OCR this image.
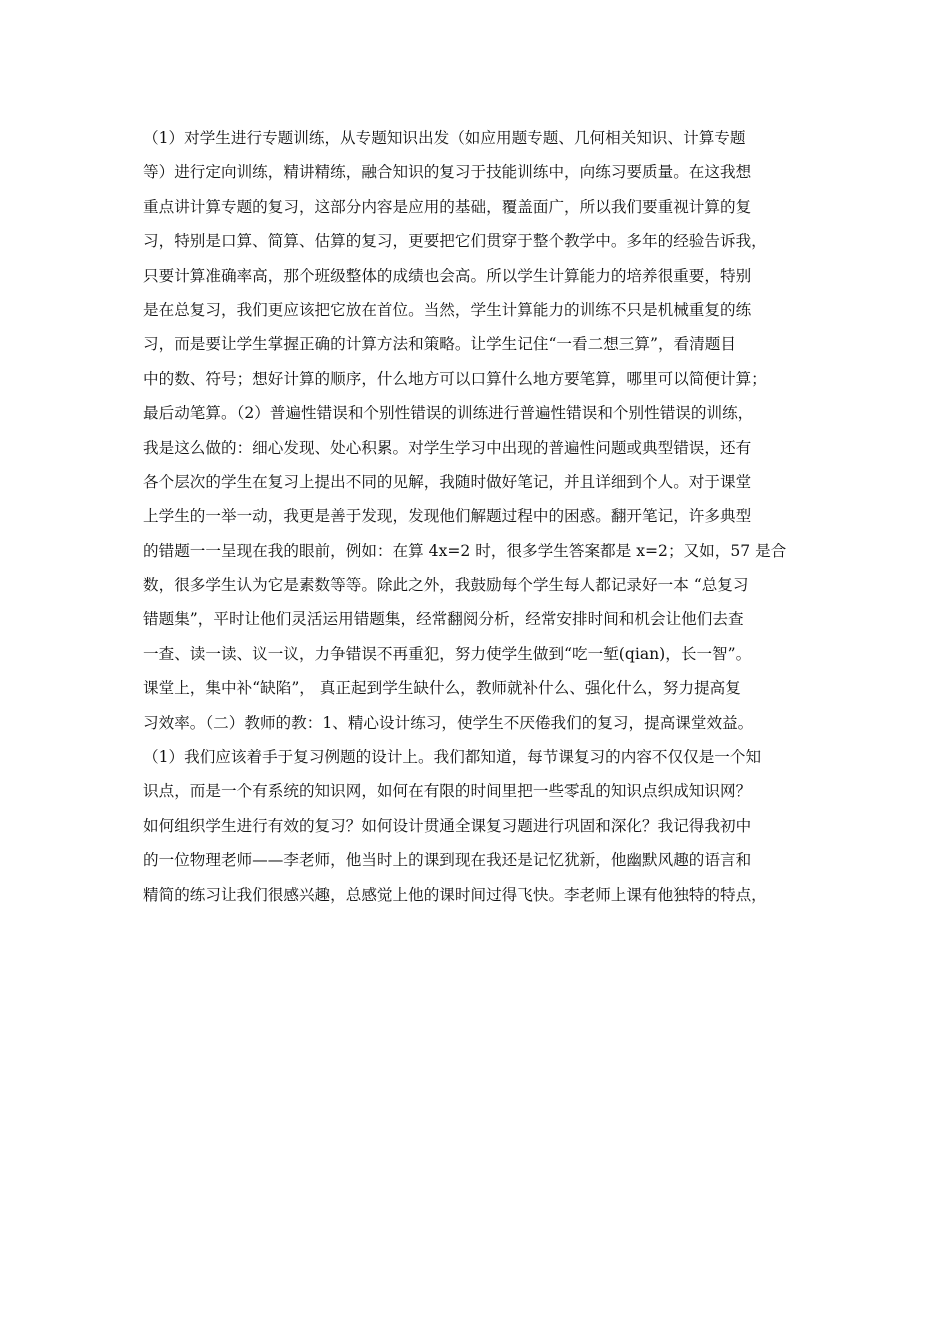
（1）对学生进行专题训练，从专题知识出发（如应用题专题、几何相关知识、计算专题
等）进行定向训练，精讲精练，融合知识的复习于技能训练中，向练习要质量。在这我想
重点讲计算专题的复习，这部分内容是应用的基础，覆盖面广，所以我们要重视计算的复
习，特别是口算、简算、估算的复习，更要把它们贯穿于整个教学中。多年的经验告诉我，
只要计算准确率高，那个班级整体的成绩也会高。所以学生计算能力的培养很重要，特别
是在总复习，我们更应该把它放在首位。当然，学生计算能力的训练不只是机械重复的练
习，而是要让学生掌握正确的计算方法和策略。让学生记住“一看二想三算”，看清题目
中的数、符号；想好计算的顺序，什么地方可以口算什么地方要笔算，哪里可以简便计算；
最后动笔算。（2）普遍性错误和个别性错误的训练进行普遍性错误和个别性错误的训练，
我是这么做的：细心发现、处心积累。对学生学习中出现的普遍性问题或典型错误，还有
各个层次的学生在复习上提出不同的见解，我随时做好笔记，并且详细到个人。对于课堂
上学生的一举一动，我更是善于发现，发现他们解题过程中的困惑。翻开笔记，许多典型
的错题一一呈现在我的眼前，例如：在算 4x=2 时，很多学生答案都是 x=2；又如，57 是合
数，很多学生认为它是素数等等。除此之外，我鼓励每个学生每人都记录好一本 “总复习
错题集”，平时让他们灵活运用错题集，经常翻阅分析，经常安排时间和机会让他们去查
一查、读一读、议一议，力争错误不再重犯，努力使学生做到“吃一堑(qian)，长一智”。
课堂上，集中补“缺陷”， 真正起到学生缺什么，教师就补什么、强化什么，努力提高复
习效率。（二）教师的教：1、精心设计练习，使学生不厌倦我们的复习，提高课堂效益。
（1）我们应该着手于复习例题的设计上。我们都知道，每节课复习的内容不仅仅是一个知
识点，而是一个有系统的知识网，如何在有限的时间里把一些零乱的知识点织成知识网？
如何组织学生进行有效的复习？如何设计贯通全课复习题进行巩固和深化？我记得我初中
的一位物理老师——李老师，他当时上的课到现在我还是记忆犹新，他幽默风趣的语言和
精简的练习让我们很感兴趣，总感觉上他的课时间过得飞快。李老师上课有他独特的特点，
